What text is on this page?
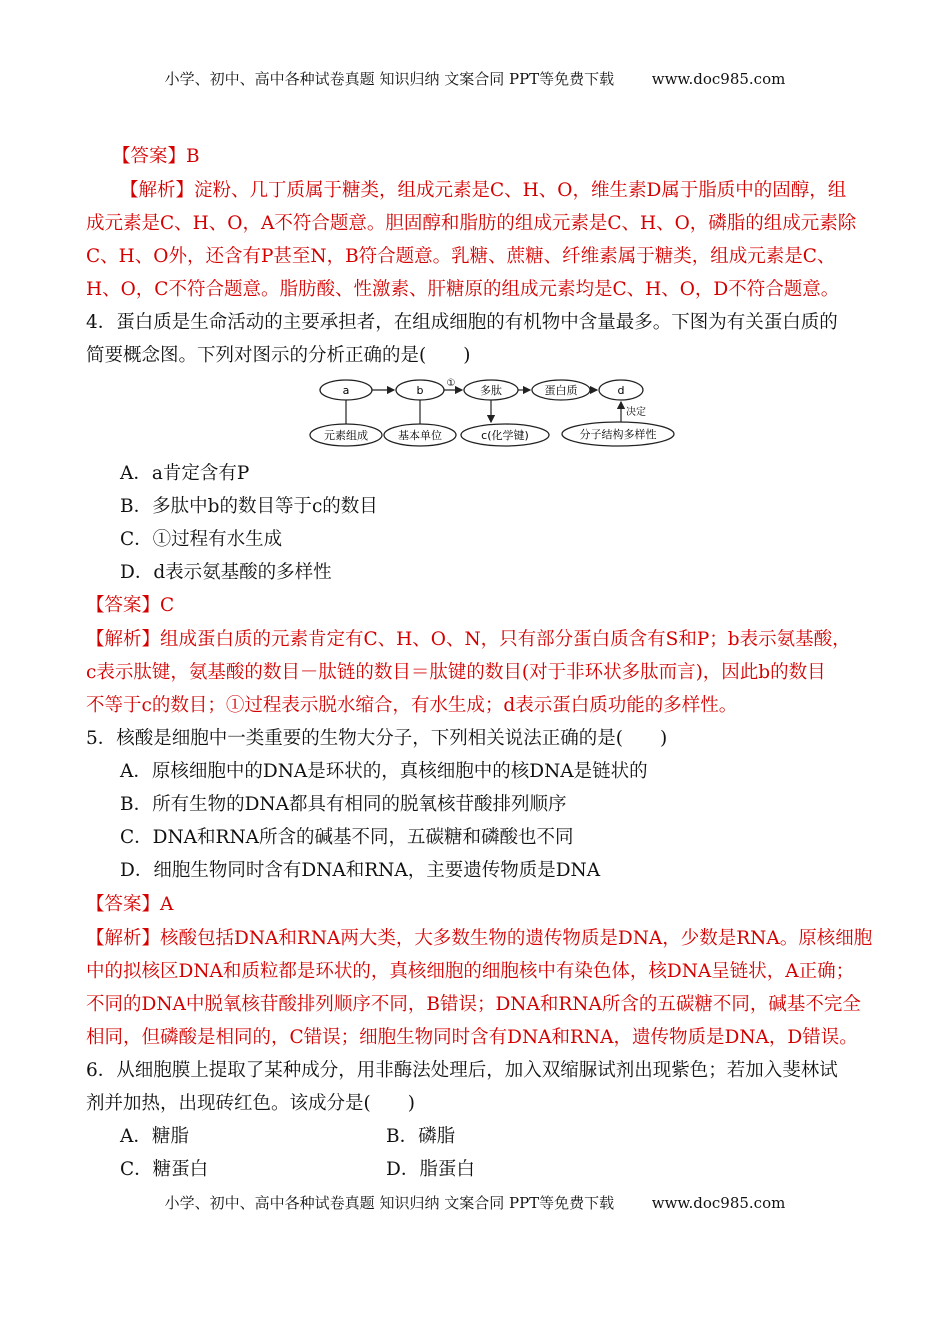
小学、初中、高中各种试卷真题 知识归纳 文案合同 PPT等免费下载	www.doc985.com
【答案】B
【解析】淀粉、几丁质属于糖类，组成元素是C、H、O，维生素D属于脂质中的固醇，组
成元素是C、H、O，A不符合题意。胆固醇和脂肪的组成元素是C、H、O，磷脂的组成元素除
C、H、O外，还含有P甚至N，B符合题意。乳糖、蔗糖、纤维素属于糖类，组成元素是C、
H、O，C不符合题意。脂肪酸、性激素、肝糖原的组成元素均是C、H、O，D不符合题意。
4．蛋白质是生命活动的主要承担者，在组成细胞的有机物中含量最多。下图为有关蛋白质的
简要概念图。下列对图示的分析正确的是(　　)
a	b	多肽	蛋白质	d
①
决定
元素组成	基本单位	c(化学键)	分子结构多样性
A．a肯定含有P
B．多肽中b的数目等于c的数目
C．①过程有水生成
D．d表示氨基酸的多样性
【答案】C
【解析】组成蛋白质的元素肯定有C、H、O、N，只有部分蛋白质含有S和P；b表示氨基酸，
c表示肽键，氨基酸的数目－肽链的数目＝肽键的数目(对于非环状多肽而言)，因此b的数目
不等于c的数目；①过程表示脱水缩合，有水生成；d表示蛋白质功能的多样性。
5．核酸是细胞中一类重要的生物大分子，下列相关说法正确的是(　　)
A．原核细胞中的DNA是环状的，真核细胞中的核DNA是链状的
B．所有生物的DNA都具有相同的脱氧核苷酸排列顺序
C．DNA和RNA所含的碱基不同，五碳糖和磷酸也不同
D．细胞生物同时含有DNA和RNA，主要遗传物质是DNA
【答案】A
【解析】核酸包括DNA和RNA两大类，大多数生物的遗传物质是DNA，少数是RNA。原核细胞
中的拟核区DNA和质粒都是环状的，真核细胞的细胞核中有染色体，核DNA呈链状，A正确；
不同的DNA中脱氧核苷酸排列顺序不同，B错误；DNA和RNA所含的五碳糖不同，碱基不完全
相同，但磷酸是相同的，C错误；细胞生物同时含有DNA和RNA，遗传物质是DNA，D错误。
6．从细胞膜上提取了某种成分，用非酶法处理后，加入双缩脲试剂出现紫色；若加入斐林试
剂并加热，出现砖红色。该成分是(　　)
A．糖脂	B．磷脂
C．糖蛋白	D．脂蛋白
小学、初中、高中各种试卷真题 知识归纳 文案合同 PPT等免费下载	www.doc985.com
